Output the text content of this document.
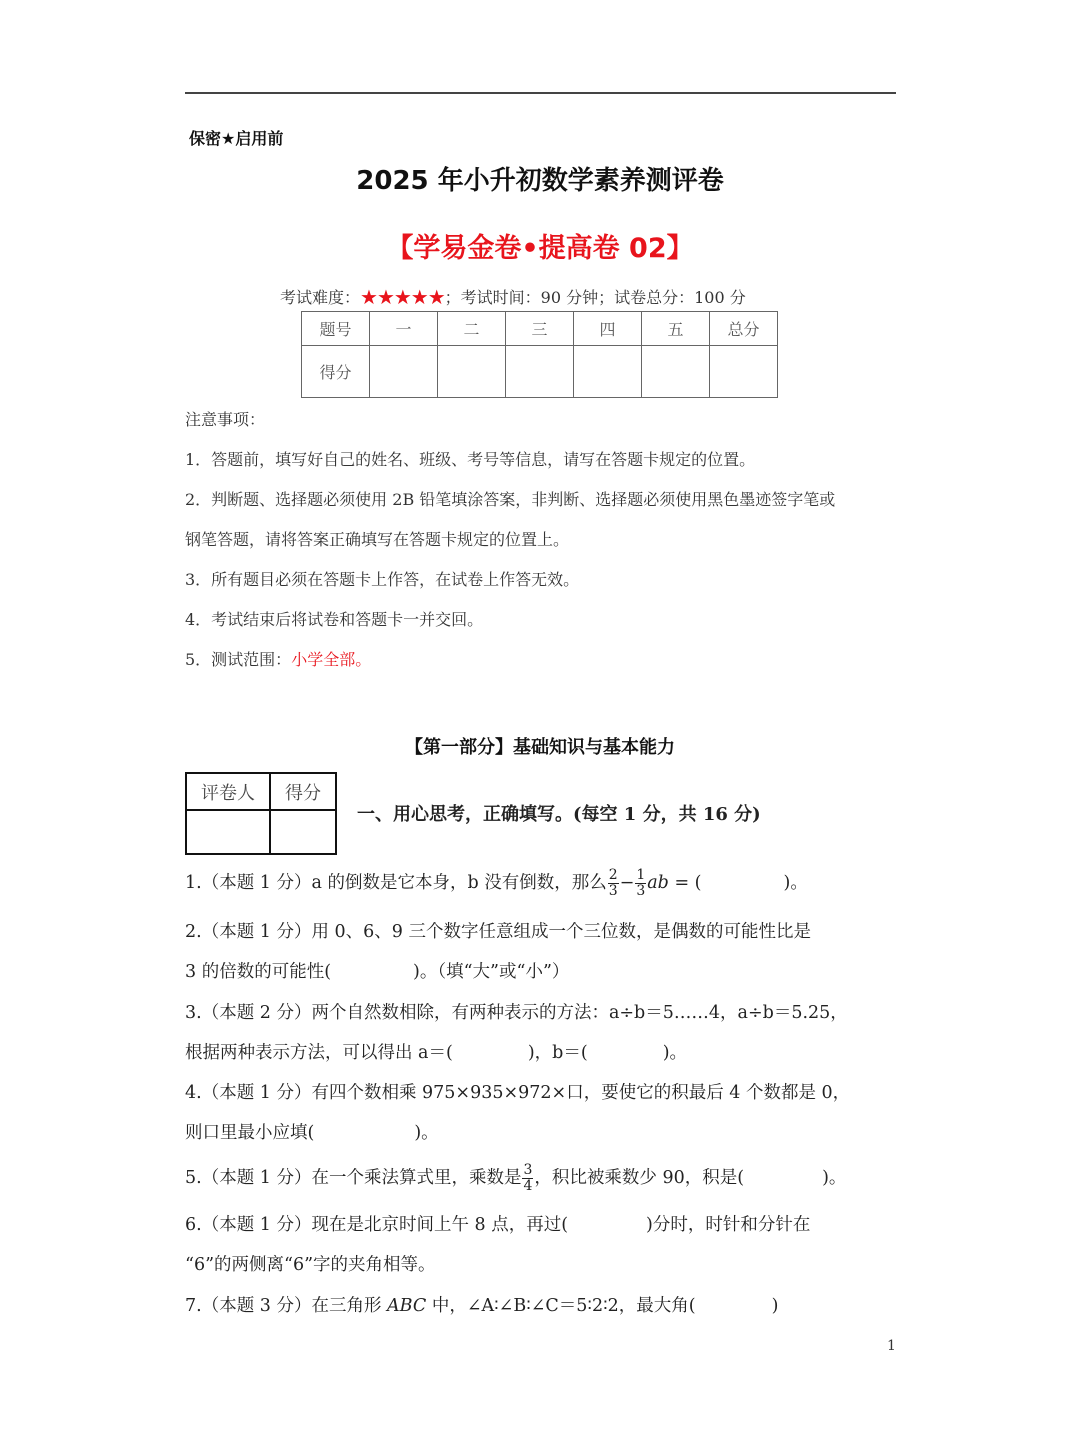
保密★启用前
2025 年小升初数学素养测评卷
【学易金卷•提高卷 02】
考试难度：★★★★★；考试时间：90 分钟；试卷总分：100 分
题号	一	二	三	四	五	总分
得分						
注意事项：
1．答题前，填写好自己的姓名、班级、考号等信息，请写在答题卡规定的位置。
2．判断题、选择题必须使用 2B 铅笔填涂答案，非判断、选择题必须使用黑色墨迹签字笔或
钢笔答题，请将答案正确填写在答题卡规定的位置上。
3．所有题目必须在答题卡上作答，在试卷上作答无效。
4．考试结束后将试卷和答题卡一并交回。
5．测试范围：小学全部。
【第一部分】基础知识与基本能力
评卷人	得分

一、用心思考，正确填写。(每空 1 分，共 16 分)
1.（本题 1 分）a 的倒数是它本身，b 没有倒数，那么 $\frac{2}{3} - \frac{1}{3}$ ab = (	)。
2.（本题 1 分）用 0、6、9 三个数字任意组成一个三位数，是偶数的可能性比是
3 的倍数的可能性(	)。（填“大”或“小”）
3.（本题 2 分）两个自然数相除，有两种表示的方法：a÷b＝5……4，a÷b＝5.25，
根据两种表示方法，可以得出 a＝(	)，b＝(	)。
4.（本题 1 分）有四个数相乘 975×935×972×口，要使它的积最后 4 个数都是 0，
则口里最小应填(	)。
5.（本题 1 分）在一个乘法算式里，乘数是 $\frac{3}{4}$ ，积比被乘数少 90，积是(	)。
6.（本题 1 分）现在是北京时间上午 8 点，再过(	)分时，时针和分针在
“6”的两侧离“6”字的夹角相等。
7.（本题 3 分）在三角形 ABC 中，∠A∶∠B∶∠C＝5∶2∶2，最大角(	)
1
